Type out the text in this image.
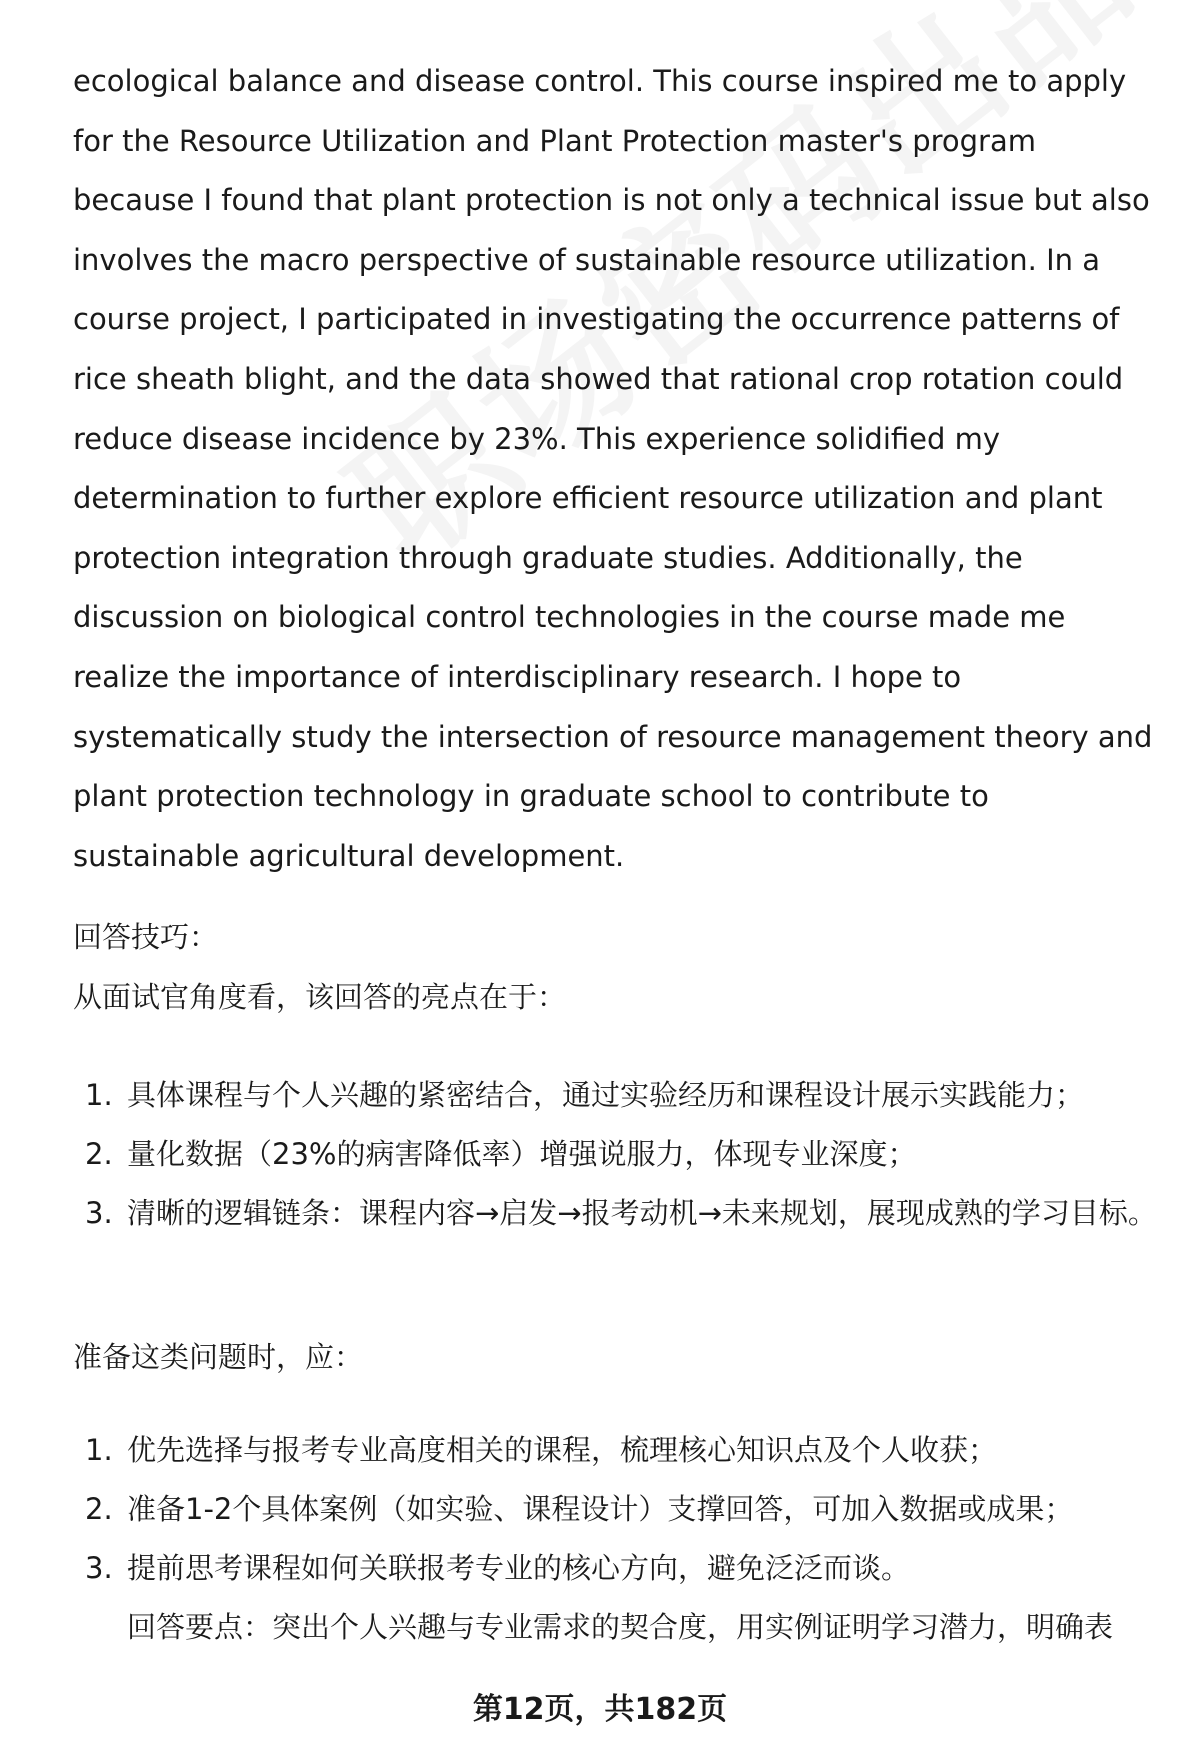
ecological balance and disease control. This course inspired me to apply for the Resource Utilization and Plant Protection master's program because I found that plant protection is not only a technical issue but also involves the macro perspective of sustainable resource utilization. In a course project, I participated in investigating the occurrence patterns of rice sheath blight, and the data showed that rational crop rotation could reduce disease incidence by 23%. This experience solidified my determination to further explore efficient resource utilization and plant protection integration through graduate studies. Additionally, the discussion on biological control technologies in the course made me realize the importance of interdisciplinary research. I hope to systematically study the intersection of resource management theory and plant protection technology in graduate school to contribute to sustainable agricultural development.

回答技巧：

从面试官角度看，该回答的亮点在于：

1. 具体课程与个人兴趣的紧密结合，通过实验经历和课程设计展示实践能力；
2. 量化数据（23%的病害降低率）增强说服力，体现专业深度；
3. 清晰的逻辑链条：课程内容→启发→报考动机→未来规划，展现成熟的学习目标。

准备这类问题时，应：

1. 优先选择与报考专业高度相关的课程，梳理核心知识点及个人收获；
2. 准备1-2个具体案例（如实验、课程设计）支撑回答，可加入数据或成果；
3. 提前思考课程如何关联报考专业的核心方向，避免泛泛而谈。
回答要点：突出个人兴趣与专业需求的契合度，用实例证明学习潜力，明确表
第12页，共182页
